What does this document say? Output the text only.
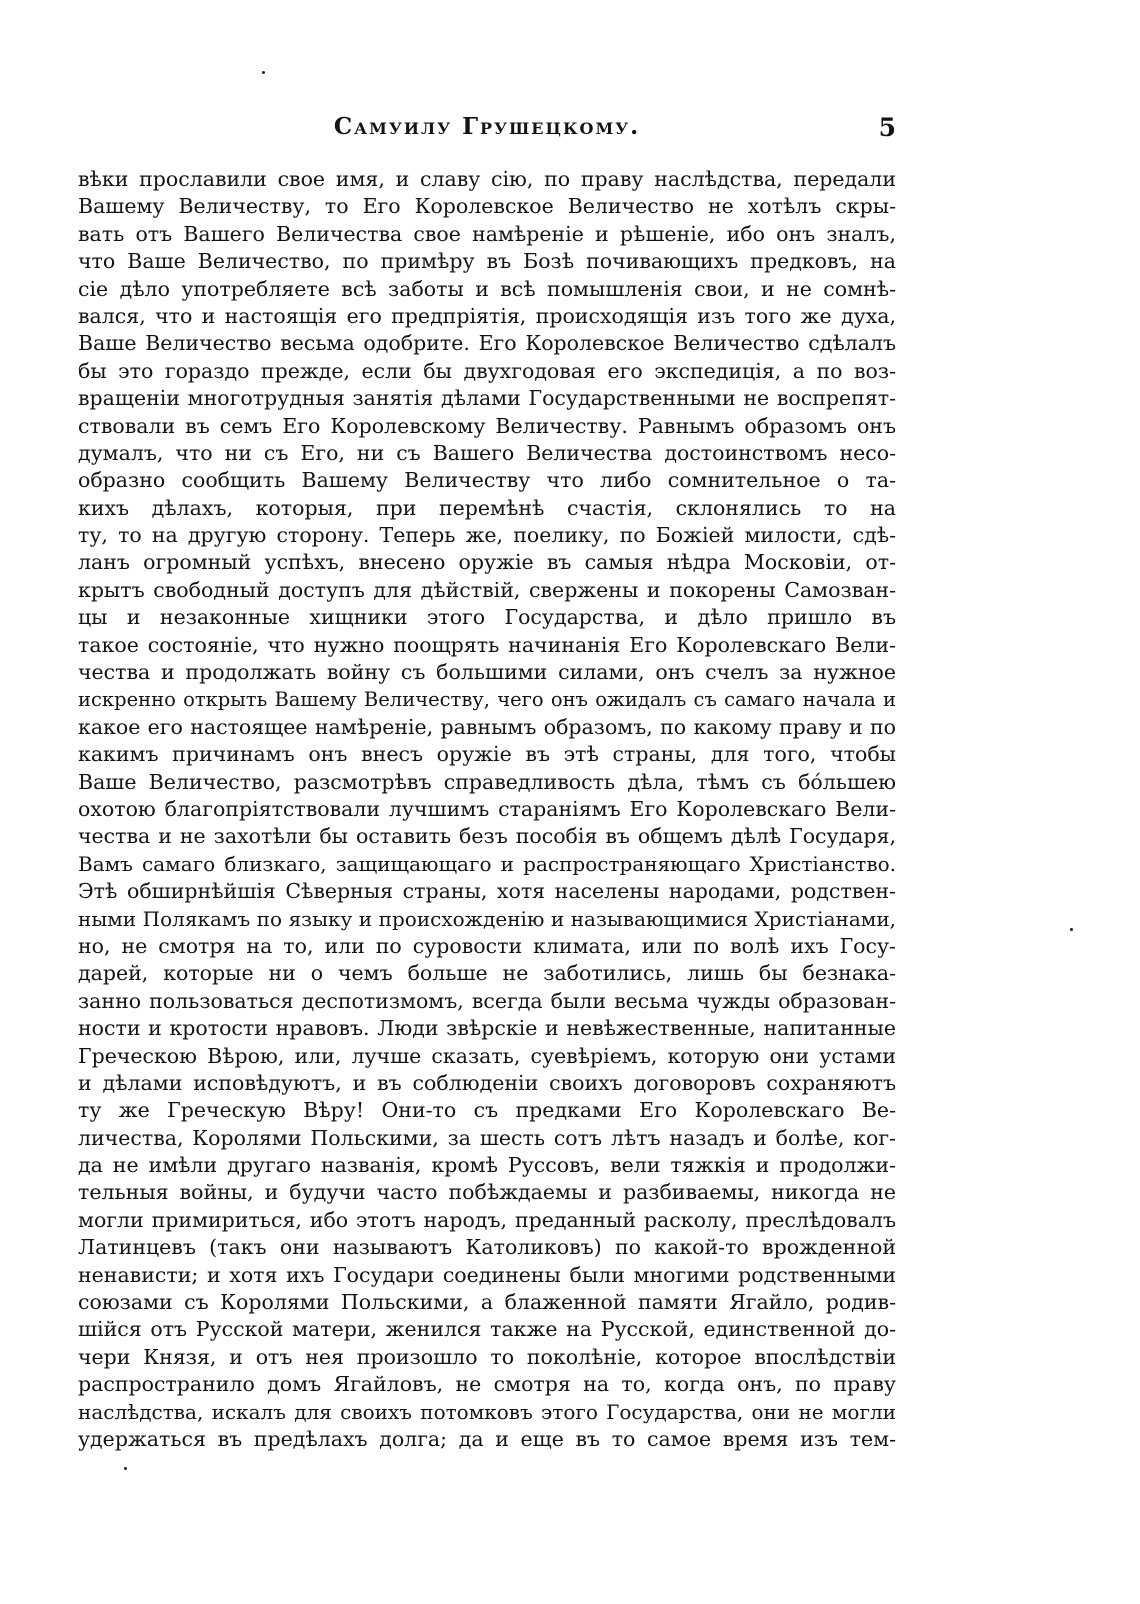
Самуилу Грушецкому.	5
вѣки прославили свое имя, и славу сію, по праву наслѣдства, передали
Вашему Величеству, то Его Королевское Величество не хотѣлъ скры-
вать отъ Вашего Величества свое намѣреніе и рѣшеніе, ибо онъ зналъ,
что Ваше Величество, по примѣру въ Бозѣ почивающихъ предковъ, на
сіе дѣло употребляете всѣ заботы и всѣ помышленія свои, и не сомнѣ-
вался, что и настоящія его предпріятія, происходящія изъ того же духа,
Ваше Величество весьма одобрите. Его Королевское Величество сдѣлалъ
бы это гораздо прежде, если бы двухгодовая его экспедиція, а по воз-
вращеніи многотрудныя занятія дѣлами Государственными не воспрепят-
ствовали въ семъ Его Королевскому Величеству. Равнымъ образомъ онъ
думалъ, что ни съ Его, ни съ Вашего Величества достоинствомъ несо-
образно сообщить Вашему Величеству что либо сомнительное о та-
кихъ дѣлахъ, которыя, при перемѣнѣ счастія, склонялись то на
ту, то на другую сторону. Теперь же, поелику, по Божіей милости, сдѣ-
ланъ огромный успѣхъ, внесено оружіе въ самыя нѣдра Московіи, от-
крытъ свободный доступъ для дѣйствій, свержены и покорены Самозван-
цы и незаконные хищники этого Государства, и дѣло пришло въ
такое состояніе, что нужно поощрять начинанія Его Королевскаго Вели-
чества и продолжать войну съ большими силами, онъ счелъ за нужное
искренно открыть Вашему Величеству, чего онъ ожидалъ съ самаго начала и
какое его настоящее намѣреніе, равнымъ образомъ, по какому праву и по
какимъ причинамъ онъ внесъ оружіе въ этѣ страны, для того, чтобы
Ваше Величество, разсмотрѣвъ справедливость дѣла, тѣмъ съ бо́льшею
охотою благопріятствовали лучшимъ стараніямъ Его Королевскаго Вели-
чества и не захотѣли бы оставить безъ пособія въ общемъ дѣлѣ Государя,
Вамъ самаго близкаго, защищающаго и распространяющаго Христіанство.
Этѣ обширнѣйшія Сѣверныя страны, хотя населены народами, родствен-
ными Полякамъ по языку и происхожденію и называющимися Христіанами,
но, не смотря на то, или по суровости климата, или по волѣ ихъ Госу-
дарей, которые ни о чемъ больше не заботились, лишь бы безнака-
занно пользоваться деспотизмомъ, всегда были весьма чужды образован-
ности и кротости нравовъ. Люди звѣрскіе и невѣжественные, напитанные
Греческою Вѣрою, или, лучше сказать, суевѣріемъ, которую они устами
и дѣлами исповѣдуютъ, и въ соблюденіи своихъ договоровъ сохраняютъ
ту же Греческую Вѣру! Они-то съ предками Его Королевскаго Ве-
личества, Королями Польскими, за шесть сотъ лѣтъ назадъ и болѣе, ког-
да не имѣли другаго названія, кромѣ Руссовъ, вели тяжкія и продолжи-
тельныя войны, и будучи часто побѣждаемы и разбиваемы, никогда не
могли примириться, ибо этотъ народъ, преданный расколу, преслѣдовалъ
Латинцевъ (такъ они называютъ Католиковъ) по какой-то врожденной
ненависти; и хотя ихъ Государи соединены были многими родственными
союзами съ Королями Польскими, а блаженной памяти Ягайло, родив-
шійся отъ Русской матери, женился также на Русской, единственной до-
чери Князя, и отъ нея произошло то поколѣніе, которое впослѣдствіи
распространило домъ Ягайловъ, не смотря на то, когда онъ, по праву
наслѣдства, искалъ для своихъ потомковъ этого Государства, они не могли
удержаться въ предѣлахъ долга; да и еще въ то самое время изъ тем-
